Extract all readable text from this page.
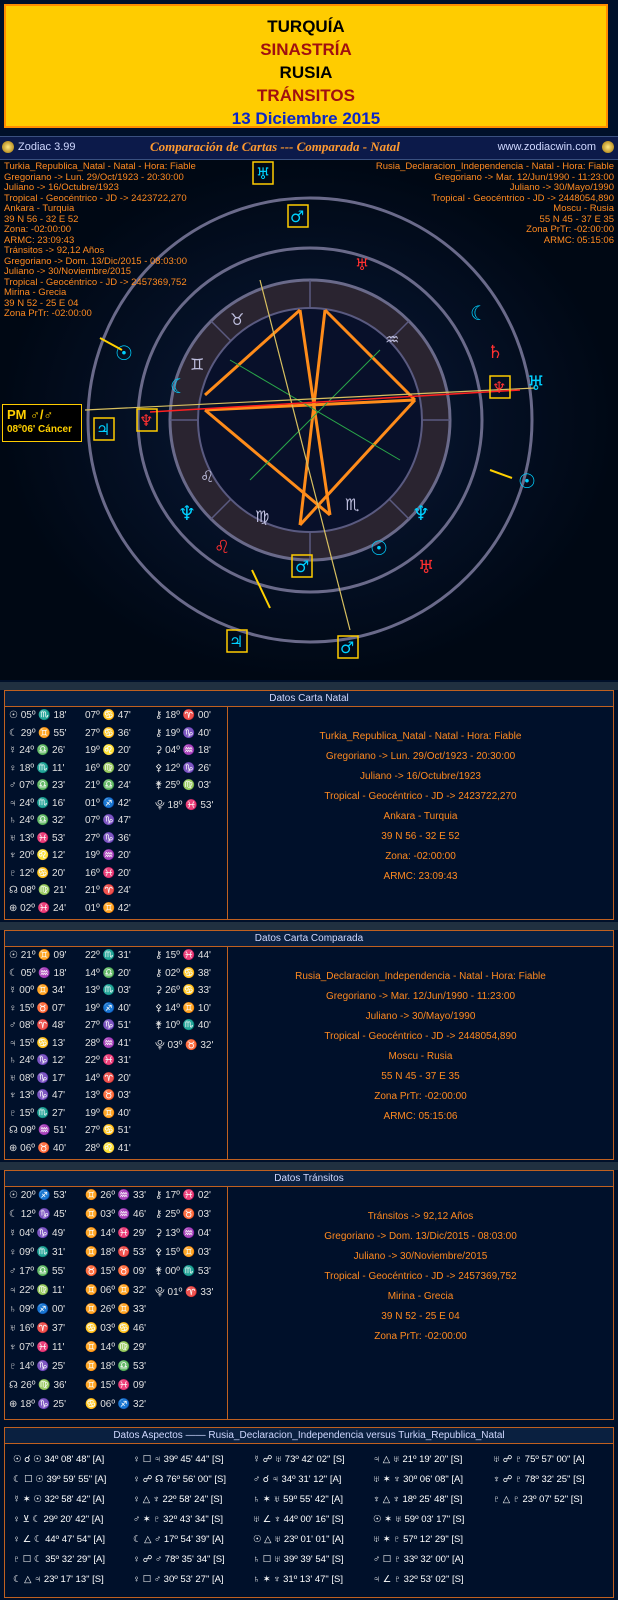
TURQUÍA
SINASTRÍA
RUSIA
TRÁNSITOS
13 Diciembre 2015
Zodiac 3.99	Comparación de Cartas --- Comparada - Natal	www.zodiacwin.com
☾
♆
☾
☉
♅
♆
☉
☉
♌
♄
♅
♉
♊
♒
♍
♏
♌
♅
♂
♃
♂
♃	♂
♆
♆
♅
Turkia_Republica_Natal - Natal - Hora: Fiable
Gregoriano -> Lun. 29/Oct/1923 - 20:30:00
Juliano -> 16/Octubre/1923
Tropical - Geocéntrico - JD -> 2423722,270
Ankara - Turquia
39 N 56 - 32 E 52
Zona: -02:00:00
ARMC: 23:09:43
Tránsitos -> 92,12 Años
Gregoriano -> Dom. 13/Dic/2015 - 08:03:00
Juliano -> 30/Noviembre/2015
Tropical - Geocéntrico - JD -> 2457369,752
Mirina - Grecia
39 N 52 - 25 E 04
Zona PrTr: -02:00:00
Rusia_Declaracion_Independencia - Natal - Hora: Fiable
Gregoriano -> Mar. 12/Jun/1990 - 11:23:00
Juliano -> 30/Mayo/1990
Tropical - Geocéntrico - JD -> 2448054,890
Moscu - Rusia
55 N 45 - 37 E 35
Zona PrTr: -02:00:00
ARMC: 05:15:06
PM ♂/♂
08º06' Cáncer
Datos Carta Natal
☉ 05º ♏ 18' 07º ♋ 47' ⚷ 18º ♈ 00'
☾ 29º ♊ 55' 27º ♋ 36' ⚷ 19º ♑ 40'
☿ 24º ♎ 26' 19º ♌ 20' ⚳ 04º ♒ 18'
♀ 18º ♏ 11' 16º ♍ 20' ⚴ 12º ♑ 26'
♂ 07º ♎ 23' 21º ♎ 24' ⚵ 25º ♍ 03'
♃ 24º ♏ 16' 01º ♐ 42' ⯓ 18º ♓ 53'
♄ 24º ♎ 32' 07º ♑ 47'
♅ 13º ♓ 53' 27º ♑ 36'
♆ 20º ♌ 12' 19º ♒ 20'
♇ 12º ♋ 20' 16º ♓ 20'
☊ 08º ♍ 21' 21º ♈ 24'
⊕ 02º ♓ 24' 01º ♊ 42'
Turkia_Republica_Natal - Natal - Hora: Fiable
Gregoriano -> Lun. 29/Oct/1923 - 20:30:00
Juliano -> 16/Octubre/1923
Tropical - Geocéntrico - JD -> 2423722,270
Ankara - Turquia
39 N 56 - 32 E 52
Zona: -02:00:00
ARMC: 23:09:43
Datos Carta Comparada
☉ 21º ♊ 09' 22º ♏ 31' ⚷ 15º ♓ 44'
☾ 05º ♒ 18' 14º ♎ 20' ⚷ 02º ♋ 38'
☿ 00º ♊ 34' 13º ♏ 03' ⚳ 26º ♋ 33'
♀ 15º ♉ 07' 19º ♐ 40' ⚴ 14º ♊ 10'
♂ 08º ♈ 48' 27º ♑ 51' ⚵ 10º ♏ 40'
♃ 15º ♋ 13' 28º ♒ 41' ⯓ 03º ♉ 32'
♄ 24º ♑ 12' 22º ♓ 31'
♅ 08º ♑ 17' 14º ♈ 20'
♆ 13º ♑ 47' 13º ♉ 03'
♇ 15º ♏ 27' 19º ♊ 40'
☊ 09º ♒ 51' 27º ♋ 51'
⊕ 06º ♉ 40' 28º ♌ 41'
Rusia_Declaracion_Independencia - Natal - Hora: Fiable
Gregoriano -> Mar. 12/Jun/1990 - 11:23:00
Juliano -> 30/Mayo/1990
Tropical - Geocéntrico - JD -> 2448054,890
Moscu - Rusia
55 N 45 - 37 E 35
Zona PrTr: -02:00:00
ARMC: 05:15:06
Datos Tránsitos
☉ 20º ♐ 53' ♊ 26º ♒ 33' ⚷ 17º ♓ 02'
☾ 12º ♑ 45' ♊ 03º ♒ 46' ⚷ 25º ♉ 03'
☿ 04º ♑ 49' ♊ 14º ♓ 29' ⚳ 13º ♒ 04'
♀ 09º ♏ 31' ♊ 18º ♈ 53' ⚴ 15º ♊ 03'
♂ 17º ♎ 55' ♉ 15º ♉ 09' ⚵ 00º ♏ 53'
♃ 22º ♍ 11' ♊ 06º ♊ 32' ⯓ 01º ♈ 33'
♄ 09º ♐ 00' ♊ 26º ♊ 33'
♅ 16º ♈ 37' ♋ 03º ♋ 46'
♆ 07º ♓ 11' ♊ 14º ♍ 29'
♇ 14º ♑ 25' ♊ 18º ♎ 53'
☊ 26º ♍ 36' ♊ 15º ♓ 09'
⊕ 18º ♑ 25' ♋ 06º ♐ 32'
Tránsitos -> 92,12 Años
Gregoriano -> Dom. 13/Dic/2015 - 08:03:00
Juliano -> 30/Noviembre/2015
Tropical - Geocéntrico - JD -> 2457369,752
Mirina - Grecia
39 N 52 - 25 E 04
Zona PrTr: -02:00:00
Datos Aspectos —— Rusia_Declaracion_Independencia versus Turkia_Republica_Natal
☉ ☌ ☉ 34º 08' 48" [A]	♀ ☐ ♃ 39º 45' 44" [S]	☿ ☍ ♅ 73º 42' 02" [S]	♃ △ ♅ 21º 19' 20" [S]	♅ ☍ ♇ 75º 57' 00" [A]
☾ ☐ ☉ 39º 59' 55" [A]	♀ ☍ ☊ 76º 56' 00" [S]	♂ ☌ ♃ 34º 31' 12" [A]	♅ ✶ ♆ 30º 06' 08" [A]	♆ ☍ ♇ 78º 32' 25" [S]
☿ ✶ ☉ 32º 58' 42" [A]	♀ △ ♆ 22º 58' 24" [S]	♄ ✶ ♅ 59º 55' 42" [A]	♆ △ ♆ 18º 25' 48" [S]	♇ △ ♇ 23º 07' 52" [S]
♀ ⊻ ☾ 29º 20' 42" [A]	♂ ✶ ♇ 32º 43' 34" [S]	♅ ∠ ♆ 44º 00' 16" [S]	☉ ✶ ♅ 59º 03' 17" [S]
♀ ∠ ☾ 44º 47' 54" [A]	☾ △ ♂ 17º 54' 39" [A]	☉ △ ♅ 23º 01' 01" [A]	♅ ✶ ♇ 57º 12' 29" [S]
♇ ☐ ☾ 35º 32' 29" [A]	♀ ☍ ♂ 78º 35' 34" [S]	♄ ☐ ♅ 39º 39' 54" [S]	♂ ☐ ♇ 33º 32' 00" [A]
☾ △ ♃ 23º 17' 13" [S]	♀ ☐ ♂ 30º 53' 27" [A]	♄ ✶ ♆ 31º 13' 47" [S]	♃ ∠ ♇ 32º 53' 02" [S]
